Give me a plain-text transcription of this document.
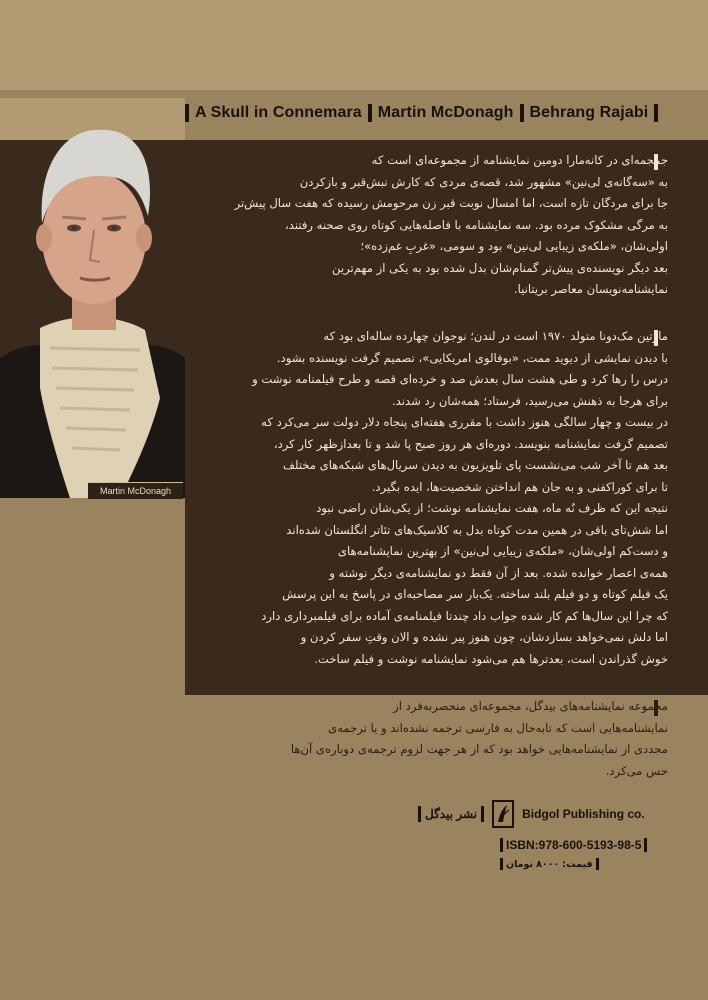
A Skull in Connemara Martin McDonagh Behrang Rajabi
Martin McDonagh
جمجمه‌ای در کانه‌مارا دومین نمایشنامه از مجموعه‌ای است که
به «سه‌گانه‌ی لی‌نین» مشهور شد، قصه‌ی مردی که کارش نبش‌قبر و بازکردن
جا برای مردگان تازه است، اما امسال نوبت قبر زن مرحومش رسیده که هفت سال پیش‌تر
به مرگی مشکوک مرده بود. سه نمایشنامه با فاصله‌هایی کوتاه روی صحنه رفتند،
اولی‌شان، «ملکه‌ی زیبایی لی‌نین» بود و سومی، «غربِ غم‌زده»؛
بعد دیگر نویسنده‌ی پیش‌تر گمنام‌شان بدل شده بود به یکی از مهم‌ترین
نمایشنامه‌نویسان معاصر بریتانیا.
مارتین مک‌دونا متولد ۱۹۷۰ است در لندن؛ نوجوان چهارده ساله‌ای بود که
با دیدن نمایشی از دیوید ممت، «بوفالوی امریکایی»، تصمیم گرفت نویسنده بشود.
درس را رها کرد و طی هشت سال بعدش صد و خرده‌ای قصه و طرح فیلمنامه نوشت و
برای هرجا به ذهنش می‌رسید، فرستاد؛ همه‌شان رد شدند.
در بیست و چهار سالگی هنوز داشت با مقرری هفته‌ای پنجاه دلار دولت سر می‌کرد که
تصمیم گرفت نمایشنامه بنویسد. دوره‌ای هر روز صبح پا شد و تا بعدازظهر کار کرد،
بعد هم تا آخر شب می‌نشست پای تلویزیون به دیدن سریال‌های شبکه‌های مختلف
تا برای کوراکفنی و به جان هم انداختن شخصیت‌ها، ایده بگیرد.
نتیجه این که ظرف نُه ماه، هفت نمایشنامه نوشت؛ از یکی‌شان راضی نبود
اما شش‌تای باقی در همین مدت کوتاه بدل به کلاسیک‌های تئاتر انگلستان شده‌اند
و دست‌کم اولی‌شان، «ملکه‌ی زیبایی لی‌نین» از بهترین نمایشنامه‌های
همه‌ی اعصار خوانده شده. بعد از آن فقط دو نمایشنامه‌ی دیگر نوشته و
یک فیلم کوتاه و دو فیلم بلند ساخته. یک‌بار سر مصاحبه‌ای در پاسخ به این پرسش
که چرا این سال‌ها کم کار شده جواب داد چندتا فیلمنامه‌ی آماده برای فیلمبرداری دارد
اما دلش نمی‌خواهد بسازدشان، چون هنوز پیر نشده و الان وقتِ سفر کردن و
خوش گذراندن است، بعدترها هم می‌شود نمایشنامه نوشت و فیلم ساخت.
مجموعه نمایشنامه‌های بیدگل، مجموعه‌ای منحصربه‌فرد از
نمایشنامه‌هایی است که تابه‌حال به فارسی ترجمه نشده‌اند و یا ترجمه‌ی
مجددی از نمایشنامه‌هایی خواهد بود که از هر جهت لزوم ترجمه‌ی دوباره‌ی آن‌ها
حس می‌کرد.
نشر بیدگل	Bidgol Publishing co.
ISBN:978-600-5193-98-5
قیمت:
۸۰۰۰
تومان
